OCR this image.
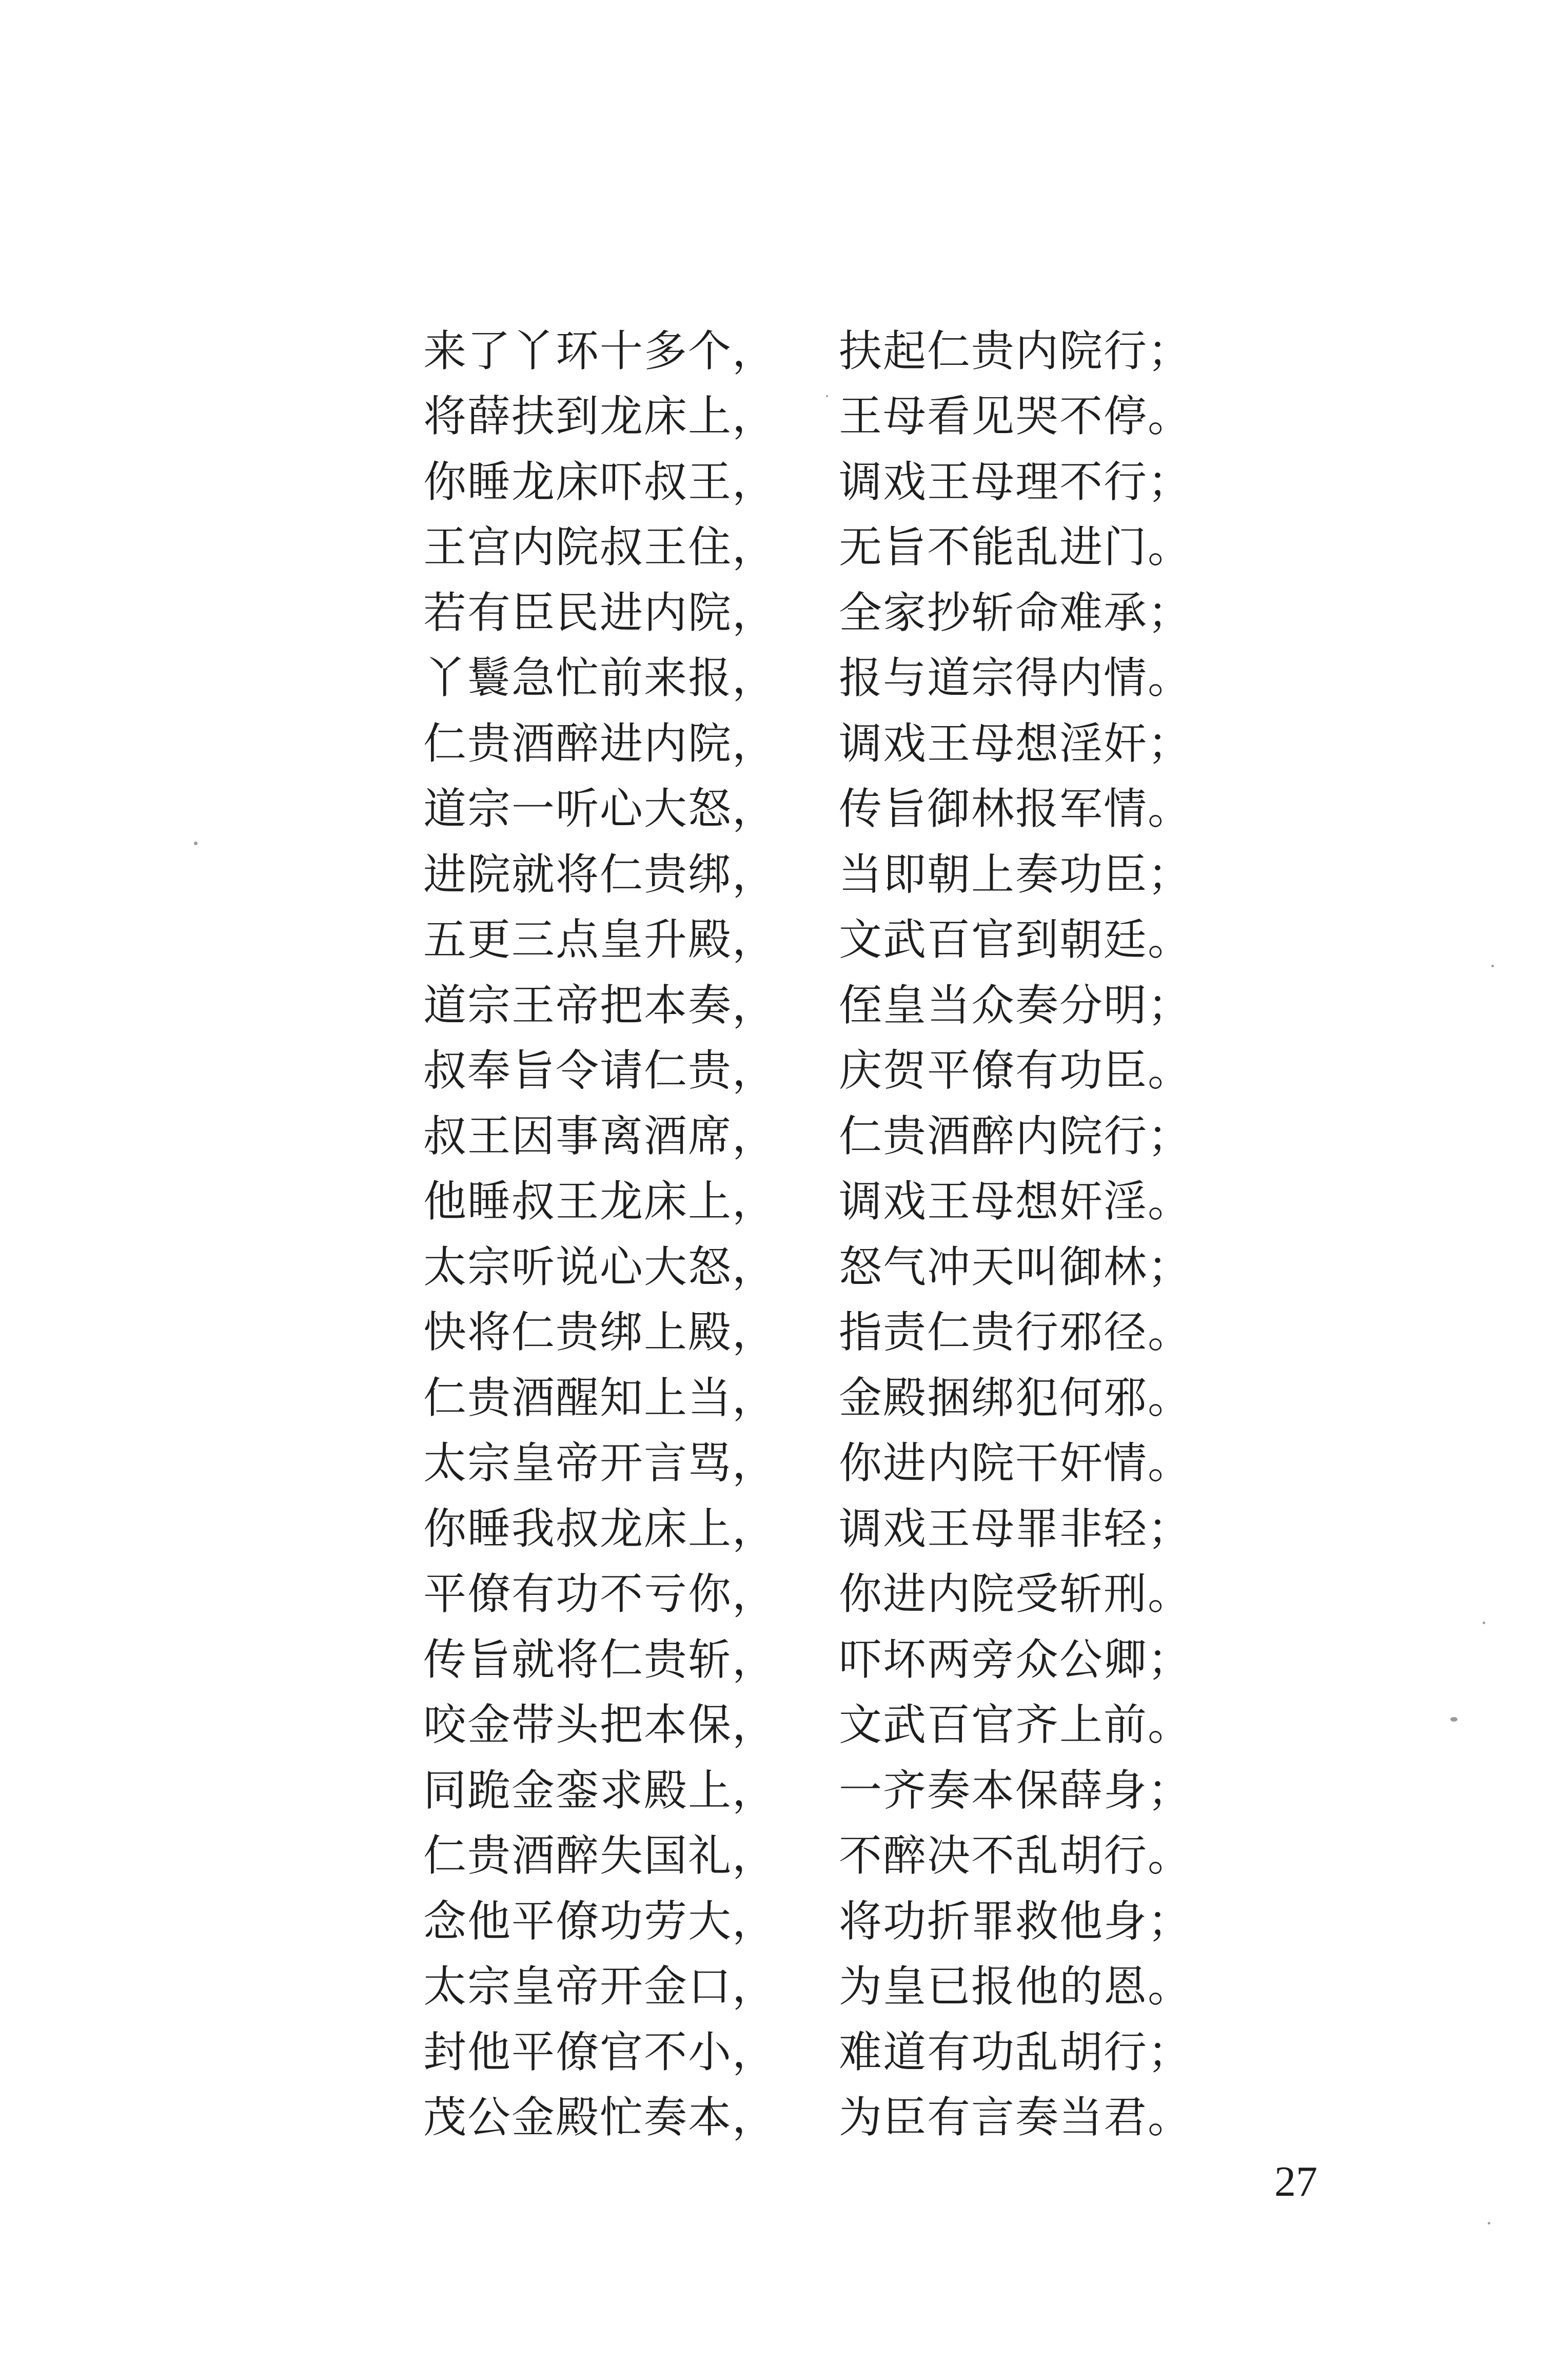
来了丫环十多个，	扶起仁贵内院行；
将薛扶到龙床上，	王母看见哭不停。
你睡龙床吓叔王，	调戏王母理不行；
王宫内院叔王住，	无旨不能乱进门。
若有臣民进内院，	全家抄斩命难承；
丫鬟急忙前来报，	报与道宗得内情。
仁贵酒醉进内院，	调戏王母想淫奸；
道宗一听心大怒，	传旨御林报军情。
进院就将仁贵绑，	当即朝上奏功臣；
五更三点皇升殿，	文武百官到朝廷。
道宗王帝把本奏，	侄皇当众奏分明；
叔奉旨令请仁贵，	庆贺平僚有功臣。
叔王因事离酒席，	仁贵酒醉内院行；
他睡叔王龙床上，	调戏王母想奸淫。
太宗听说心大怒，	怒气冲天叫御林；
快将仁贵绑上殿，	指责仁贵行邪径。
仁贵酒醒知上当，	金殿捆绑犯何邪。
太宗皇帝开言骂，	你进内院干奸情。
你睡我叔龙床上，	调戏王母罪非轻；
平僚有功不亏你，	你进内院受斩刑。
传旨就将仁贵斩，	吓坏两旁众公卿；
咬金带头把本保，	文武百官齐上前。
同跪金銮求殿上，	一齐奏本保薛身；
仁贵酒醉失国礼，	不醉决不乱胡行。
念他平僚功劳大，	将功折罪救他身；
太宗皇帝开金口，	为皇已报他的恩。
封他平僚官不小，	难道有功乱胡行；
茂公金殿忙奏本，	为臣有言奏当君。
27
